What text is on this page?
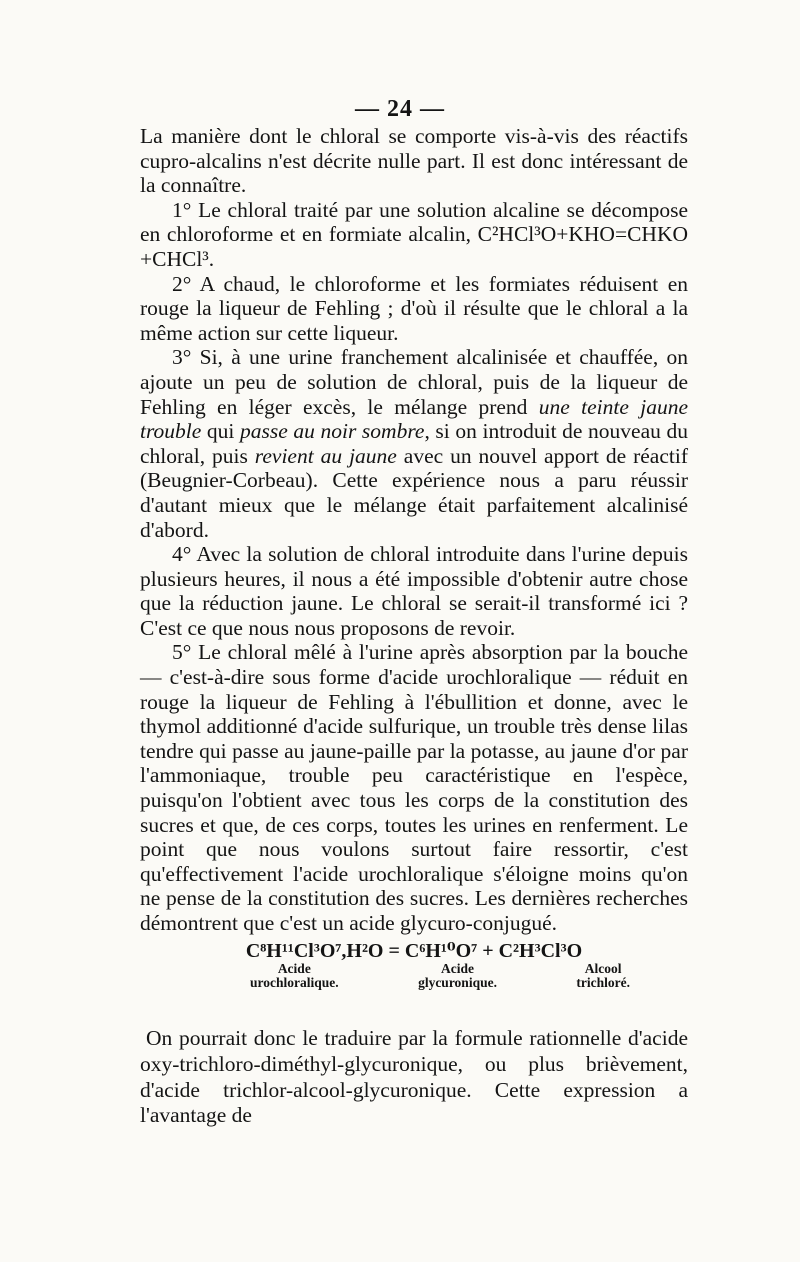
— 24 —

La manière dont le chloral se comporte vis-à-vis des réactifs cupro-alcalins n'est décrite nulle part. Il est donc intéressant de la connaître.

1° Le chloral traité par une solution alcaline se décompose en chloroforme et en formiate alcalin, C²HCl³O+KHO=CHKO +CHCl³.

2° A chaud, le chloroforme et les formiates réduisent en rouge la liqueur de Fehling ; d'où il résulte que le chloral a la même action sur cette liqueur.

3° Si, à une urine franchement alcalinisée et chauffée, on ajoute un peu de solution de chloral, puis de la liqueur de Fehling en léger excès, le mélange prend une teinte jaune trouble qui passe au noir sombre, si on introduit de nouveau du chloral, puis revient au jaune avec un nouvel apport de réactif (Beugnier-Corbeau). Cette expérience nous a paru réussir d'autant mieux que le mélange était parfaitement alcalinisé d'abord.

4° Avec la solution de chloral introduite dans l'urine depuis plusieurs heures, il nous a été impossible d'obtenir autre chose que la réduction jaune. Le chloral se serait-il transformé ici ? C'est ce que nous nous proposons de revoir.

5° Le chloral mêlé à l'urine après absorption par la bouche — c'est-à-dire sous forme d'acide urochloralique — réduit en rouge la liqueur de Fehling à l'ébullition et donne, avec le thymol additionné d'acide sulfurique, un trouble très dense lilas tendre qui passe au jaune-paille par la potasse, au jaune d'or par l'ammoniaque, trouble peu caractéristique en l'espèce, puisqu'on l'obtient avec tous les corps de la constitution des sucres et que, de ces corps, toutes les urines en renferment. Le point que nous voulons surtout faire ressortir, c'est qu'effectivement l'acide urochloralique s'éloigne moins qu'on ne pense de la constitution des sucres. Les dernières recherches démontrent que c'est un acide glycuro-conjugué.

C⁸H¹¹Cl³O⁷,H²O = C⁶H¹⁰O⁷ + C²H³Cl³O
Acide
urochloralique.
Acide
glycuronique.
Alcool
trichloré.

On pourrait donc le traduire par la formule rationnelle d'acide oxy-trichloro-diméthyl-glycuronique, ou plus brièvement, d'acide trichlor-alcool-glycuronique. Cette expression a l'avantage de
